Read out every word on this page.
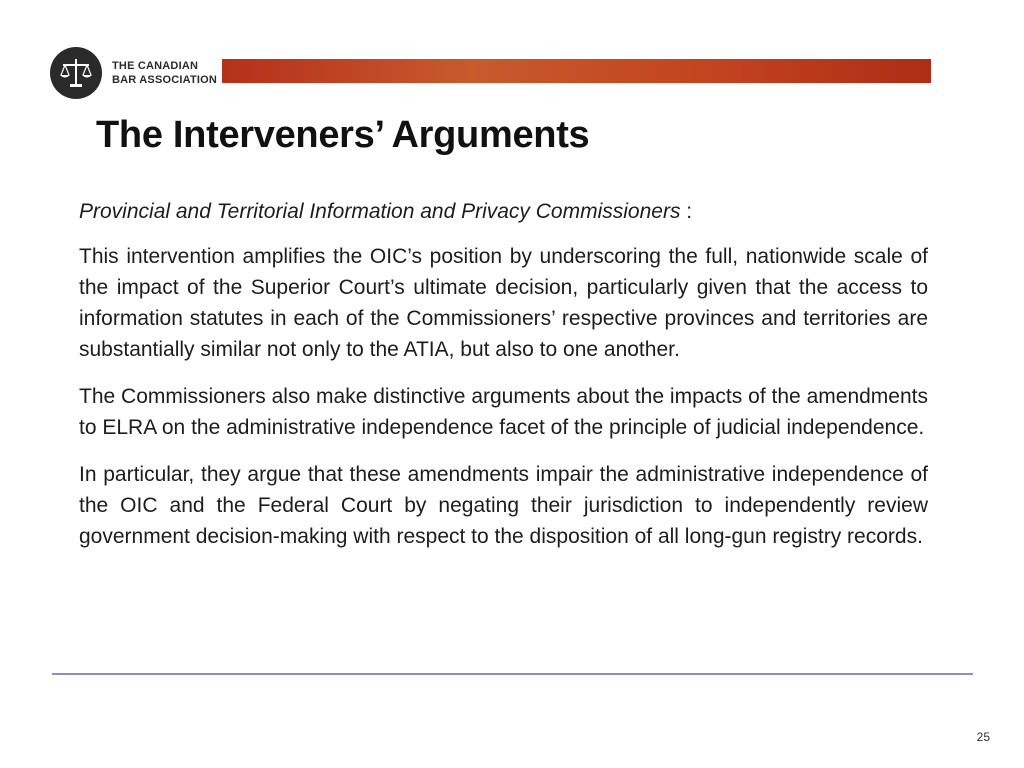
THE CANADIAN
BAR ASSOCIATION
The Interveners’ Arguments

Provincial and Territorial Information and Privacy Commissioners :

This intervention amplifies the OIC’s position by underscoring the full, nationwide scale of the impact of the Superior Court’s ultimate decision, particularly given that the access to information statutes in each of the Commissioners’ respective provinces and territories are substantially similar not only to the ATIA, but also to one another.

The Commissioners also make distinctive arguments about the impacts of the amendments to ELRA on the administrative independence facet of the principle of judicial independence.

In particular, they argue that these amendments impair the administrative independence of the OIC and the Federal Court by negating their jurisdiction to independently review government decision-making with respect to the disposition of all long-gun registry records.

25
